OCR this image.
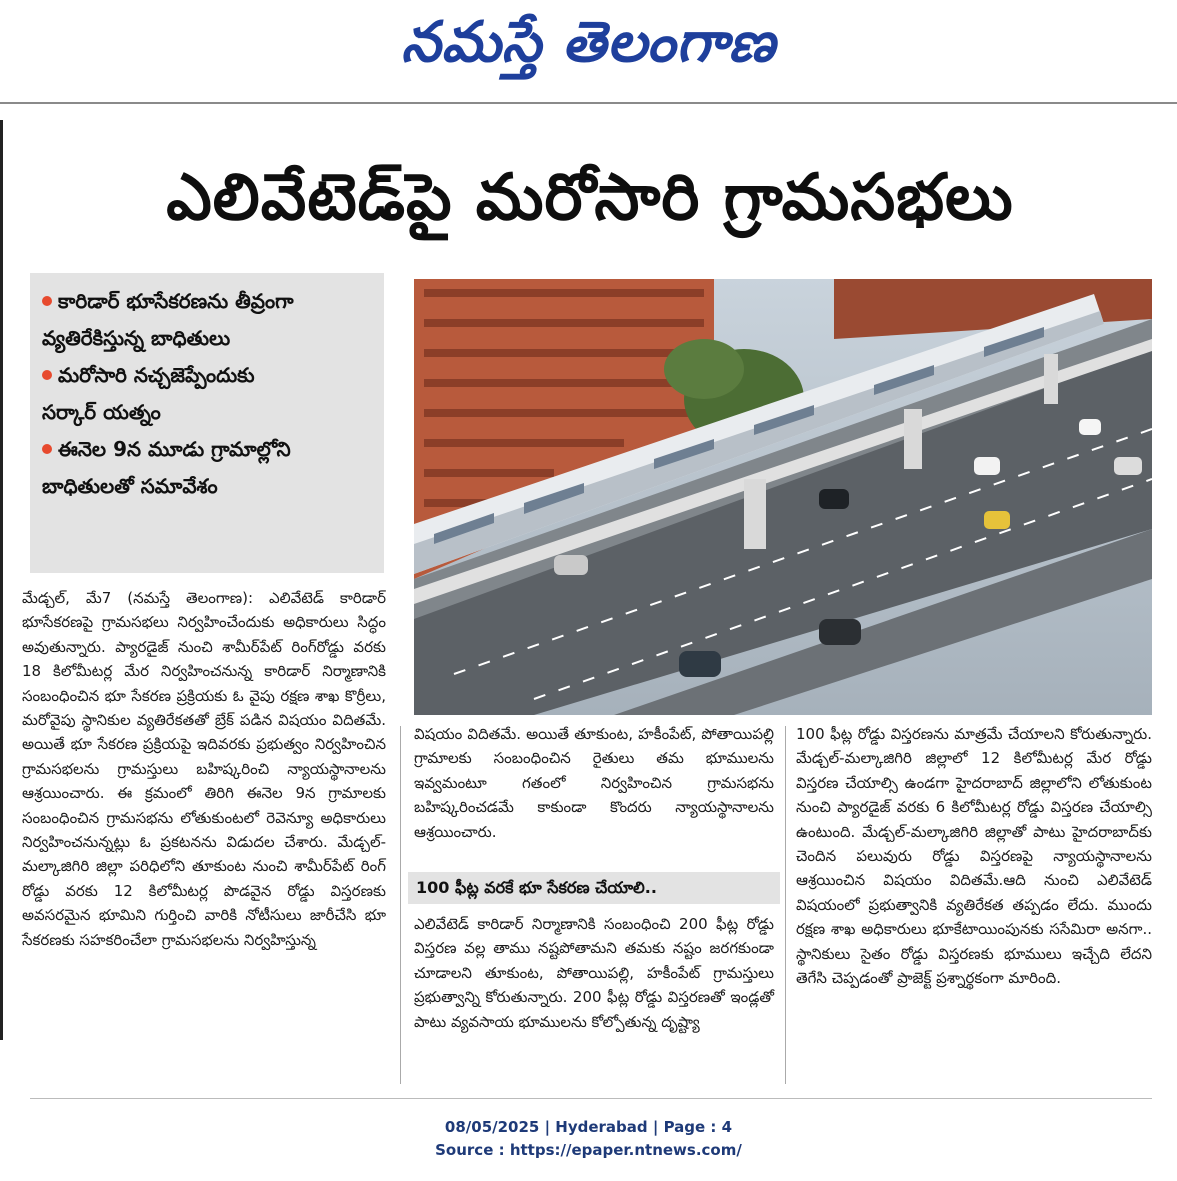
నమస్తే తెలంగాణ
ఎలివేటెడ్‌పై మరోసారి గ్రామసభలు
కారిడార్‌ భూసేకరణను తీవ్రంగా
వ్యతిరేకిస్తున్న బాధితులు
మరోసారి నచ్చజెప్పేందుకు
సర్కార్‌ యత్నం
ఈనెల 9న మూడు గ్రామాల్లోని
బాధితులతో సమావేశం

మేడ్చల్‌, మే7 (నమస్తే తెలంగాణ): ఎలివేటెడ్‌ కారిడార్‌ భూసేకరణపై గ్రామసభలు నిర్వహించేందుకు అధికారులు సిద్ధం అవుతున్నారు. ప్యారడైజ్‌ నుంచి శామీర్‌పేట్‌ రింగ్‌రోడ్డు వరకు 18 కిలోమీటర్ల మేర నిర్వహించనున్న కారిడార్‌ నిర్మాణానికి సంబంధించిన భూ సేకరణ ప్రక్రియకు ఓ వైపు రక్షణ శాఖ కొర్రీలు, మరోవైపు స్థానికుల వ్యతిరేకతతో బ్రేక్‌ పడిన విషయం విదితమే. అయితే భూ సేకరణ ప్రక్రియపై ఇదివరకు ప్రభుత్వం నిర్వహించిన గ్రామసభలను గ్రామస్తులు బహిష్కరించి న్యాయస్థానాలను ఆశ్రయించారు. ఈ క్రమంలో తిరిగి ఈనెల 9న గ్రామాలకు సంబంధించిన గ్రామసభను లోతుకుంటలో రెవెన్యూ అధికారులు నిర్వహించనున్నట్లు ఓ ప్రకటనను విడుదల చేశారు. మేడ్చల్‌-మల్కాజిగిరి జిల్లా పరిధిలోని తూకుంట నుంచి శామీర్‌పేట్‌ రింగ్‌ రోడ్డు వరకు 12 కిలోమీటర్ల పొడవైన రోడ్డు విస్తరణకు అవసరమైన భూమిని గుర్తించి వారికి నోటీసులు జారీచేసి భూ సేకరణకు సహకరించేలా గ్రామసభలను నిర్వహిస్తున్న

విషయం విదితమే. అయితే తూకుంట, హకీంపేట్‌, పోతాయిపల్లి గ్రామాలకు సంబంధించిన రైతులు తమ భూములను ఇవ్వమంటూ గతంలో నిర్వహించిన గ్రామసభను బహిష్కరించడమే కాకుండా కొందరు న్యాయస్థానాలను ఆశ్రయించారు.

100 ఫీట్ల వరకే భూ సేకరణ చేయాలి..

ఎలివేటెడ్‌ కారిడార్‌ నిర్మాణానికి సంబంధించి 200 ఫీట్ల రోడ్డు విస్తరణ వల్ల తాము నష్టపోతామని తమకు నష్టం జరగకుండా చూడాలని తూకుంట, పోతాయిపల్లి, హకీంపేట్‌ గ్రామస్తులు ప్రభుత్వాన్ని కోరుతున్నారు. 200 ఫీట్ల రోడ్డు విస్తరణతో ఇండ్లతో పాటు వ్యవసాయ భూములను కోల్పోతున్న దృష్ట్యా

100 ఫీట్ల రోడ్డు విస్తరణను మాత్రమే చేయాలని కోరుతున్నారు. మేడ్చల్‌-మల్కాజిగిరి జిల్లాలో 12 కిలోమీటర్ల మేర రోడ్డు విస్తరణ చేయాల్సి ఉండగా హైదరాబాద్‌ జిల్లాలోని లోతుకుంట నుంచి ప్యారడైజ్‌ వరకు 6 కిలోమీటర్ల రోడ్డు విస్తరణ చేయాల్సి ఉంటుంది. మేడ్చల్‌-మల్కాజిగిరి జిల్లాతో పాటు హైదరాబాద్‌కు చెందిన పలువురు రోడ్డు విస్తరణపై న్యాయస్థానాలను ఆశ్రయించిన విషయం విదితమే.ఆది నుంచి ఎలివేటెడ్‌ విషయంలో ప్రభుత్వానికి వ్యతిరేకత తప్పడం లేదు. ముందు రక్షణ శాఖ అధికారులు భూకేటాయింపునకు ససేమిరా అనగా.. స్థానికులు సైతం రోడ్డు విస్తరణకు భూములు ఇచ్చేది లేదని తెగేసి చెప్పడంతో ప్రాజెక్ట్‌ ప్రశ్నార్థకంగా మారింది.

08/05/2025 | Hyderabad | Page : 4
Source : https://epaper.ntnews.com/
